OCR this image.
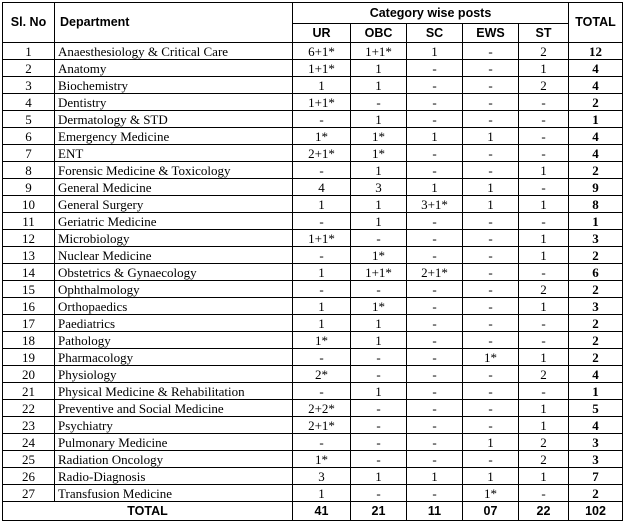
Sl. No	Department	Category wise posts					TOTAL
		UR	OBC	SC	EWS	ST	
1	Anaesthesiology & Critical Care	6+1*	1+1*	1	-	2	12
2	Anatomy	1+1*	1	-	-	1	4
3	Biochemistry	1	1	-	-	2	4
4	Dentistry	1+1*	-	-	-	-	2
5	Dermatology & STD	-	1	-	-	-	1
6	Emergency Medicine	1*	1*	1	1	-	4
7	ENT	2+1*	1*	-	-	-	4
8	Forensic Medicine & Toxicology	-	1	-	-	1	2
9	General Medicine	4	3	1	1	-	9
10	General Surgery	1	1	3+1*	1	1	8
11	Geriatric Medicine	-	1	-	-	-	1
12	Microbiology	1+1*	-	-	-	1	3
13	Nuclear Medicine	-	1*	-	-	1	2
14	Obstetrics & Gynaecology	1	1+1*	2+1*	-	-	6
15	Ophthalmology	-	-	-	-	2	2
16	Orthopaedics	1	1*	-	-	1	3
17	Paediatrics	1	1	-	-	-	2
18	Pathology	1*	1	-	-	-	2
19	Pharmacology	-	-	-	1*	1	2
20	Physiology	2*	-	-	-	2	4
21	Physical Medicine & Rehabilitation	-	1	-	-	-	1
22	Preventive and Social Medicine	2+2*	-	-	-	1	5
23	Psychiatry	2+1*	-	-	-	1	4
24	Pulmonary Medicine	-	-	-	1	2	3
25	Radiation Oncology	1*	-	-	-	2	3
26	Radio-Diagnosis	3	1	1	1	1	7
27	Transfusion Medicine	1	-	-	1*	-	2
TOTAL		41	21	11	07	22	102
